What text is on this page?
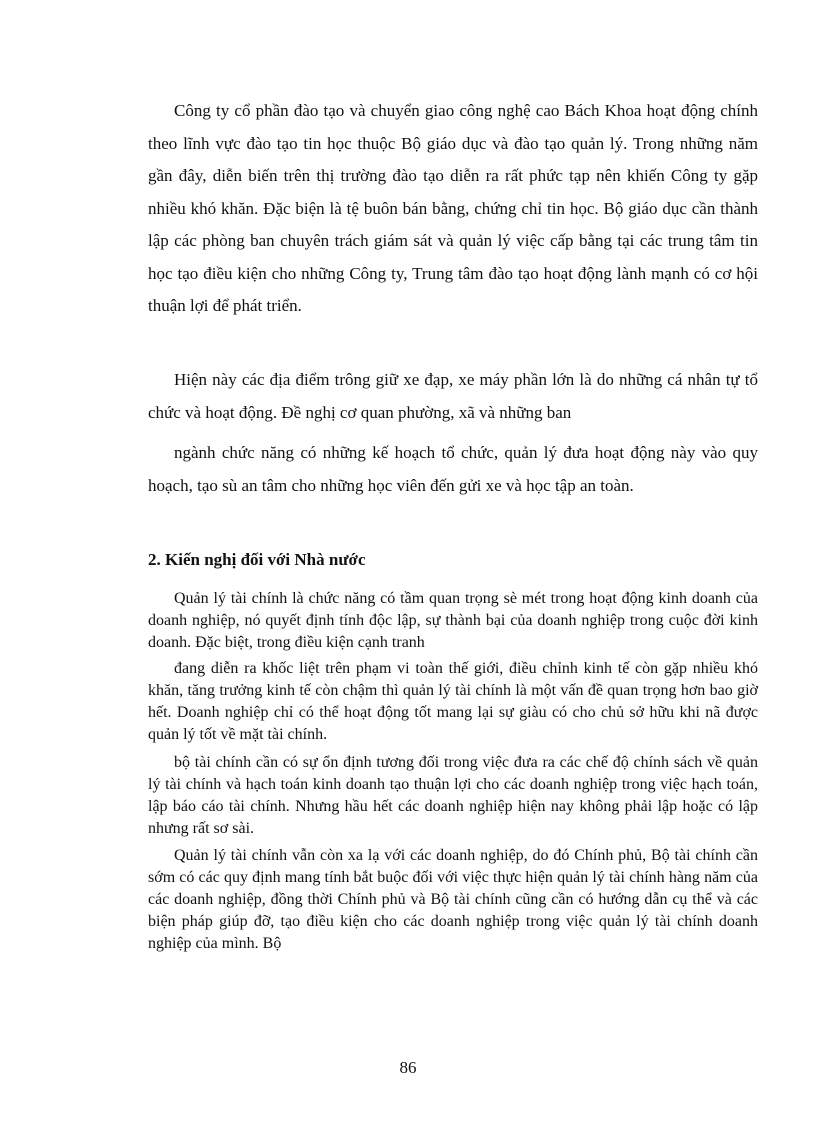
Công ty cổ phần đào tạo và chuyển giao công nghệ cao Bách Khoa hoạt động chính theo lĩnh vực đào tạo tin học thuộc Bộ giáo dục và đào tạo quản lý. Trong những năm gần đây, diễn biến trên thị trường đào tạo diễn ra rất phức tạp nên khiến Công ty gặp nhiều khó khăn. Đặc biện là tệ buôn bán bằng, chứng chỉ tin học. Bộ giáo dục cần thành lập các phòng ban chuyên trách giám sát và quản lý việc cấp bằng tại các trung tâm tin học tạo điều kiện cho những Công ty, Trung tâm đào tạo hoạt động lành mạnh có cơ hội thuận lợi để phát triển.

Hiện này các địa điểm trông giữ xe đạp, xe máy phần lớn là do những cá nhân tự tổ chức và hoạt động. Đề nghị cơ quan phường, xã và những ban

ngành chức năng có những kế hoạch tổ chức, quản lý đưa hoạt động này vào quy hoạch, tạo sù an tâm cho những học viên đến gửi xe và học tập an toàn.

2. Kiến nghị đối với Nhà nước

Quản lý tài chính là chức năng có tầm quan trọng sè mét trong hoạt động kinh doanh của doanh nghiệp, nó quyết định tính độc lập, sự thành bại của doanh nghiệp trong cuộc đời kinh doanh. Đặc biệt, trong điều kiện cạnh tranh

đang diễn ra khốc liệt trên phạm vi toàn thế giới, điều chỉnh kinh tế còn gặp nhiều khó khăn, tăng trưởng kinh tế còn chậm thì quản lý tài chính là một vấn đề quan trọng hơn bao giờ hết. Doanh nghiệp chỉ có thể hoạt động tốt mang lại sự giàu có cho chủ sở hữu khi nã được quản lý tốt về mặt tài chính.

bộ tài chính cần có sự ổn định tương đối trong việc đưa ra các chế độ chính sách về quản lý tài chính và hạch toán kinh doanh tạo thuận lợi cho các doanh nghiệp trong việc hạch toán, lập báo cáo tài chính. Nhưng hầu hết các doanh nghiệp hiện nay không phải lập hoặc có lập nhưng rất sơ sài.

Quản lý tài chính vẫn còn xa lạ với các doanh nghiệp, do đó Chính phủ, Bộ tài chính cần sớm có các quy định mang tính bắt buộc đối với việc thực hiện quản lý tài chính hàng năm của các doanh nghiệp, đồng thời Chính phủ và Bộ tài chính cũng cần có hướng dẫn cụ thể và các biện pháp giúp đỡ, tạo điều kiện cho các doanh nghiệp trong việc quản lý tài chính doanh nghiệp của mình. Bộ

86
